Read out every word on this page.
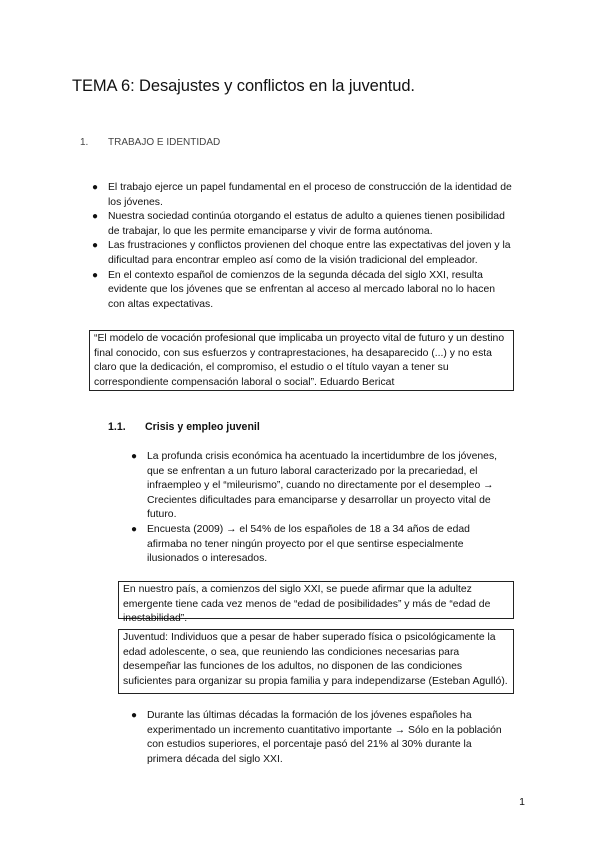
TEMA 6: Desajustes y conflictos en la juventud.
1. TRABAJO E IDENTIDAD
● El trabajo ejerce un papel fundamental en el proceso de construcción de la identidad de los jóvenes.
● Nuestra sociedad continúa otorgando el estatus de adulto a quienes tienen posibilidad de trabajar, lo que les permite emanciparse y vivir de forma autónoma.
● Las frustraciones y conflictos provienen del choque entre las expectativas del joven y la dificultad para encontrar empleo así como de la visión tradicional del empleador.
● En el contexto español de comienzos de la segunda década del siglo XXI, resulta evidente que los jóvenes que se enfrentan al acceso al mercado laboral no lo hacen con altas expectativas.
“El modelo de vocación profesional que implicaba un proyecto vital de futuro y un destino final conocido, con sus esfuerzos y contraprestaciones, ha desaparecido (...) y no esta claro que la dedicación, el compromiso, el estudio o el título vayan a tener su correspondiente compensación laboral o social”. Eduardo Bericat
1.1. Crisis y empleo juvenil
● La profunda crisis económica ha acentuado la incertidumbre de los jóvenes, que se enfrentan a un futuro laboral caracterizado por la precariedad, el infraempleo y el “mileurismo”, cuando no directamente por el desempleo → Crecientes dificultades para emanciparse y desarrollar un proyecto vital de futuro.
● Encuesta (2009) → el 54% de los españoles de 18 a 34 años de edad afirmaba no tener ningún proyecto por el que sentirse especialmente ilusionados o interesados.
En nuestro país, a comienzos del siglo XXI, se puede afirmar que la adultez emergente tiene cada vez menos de “edad de posibilidades” y más de “edad de inestabilidad”.
Juventud: Individuos que a pesar de haber superado física o psicológicamente la edad adolescente, o sea, que reuniendo las condiciones necesarias para desempeñar las funciones de los adultos, no disponen de las condiciones suficientes para organizar su propia familia y para independizarse (Esteban Agulló).
● Durante las últimas décadas la formación de los jóvenes españoles ha experimentado un incremento cuantitativo importante → Sólo en la población con estudios superiores, el porcentaje pasó del 21% al 30% durante la primera década del siglo XXI.
1
